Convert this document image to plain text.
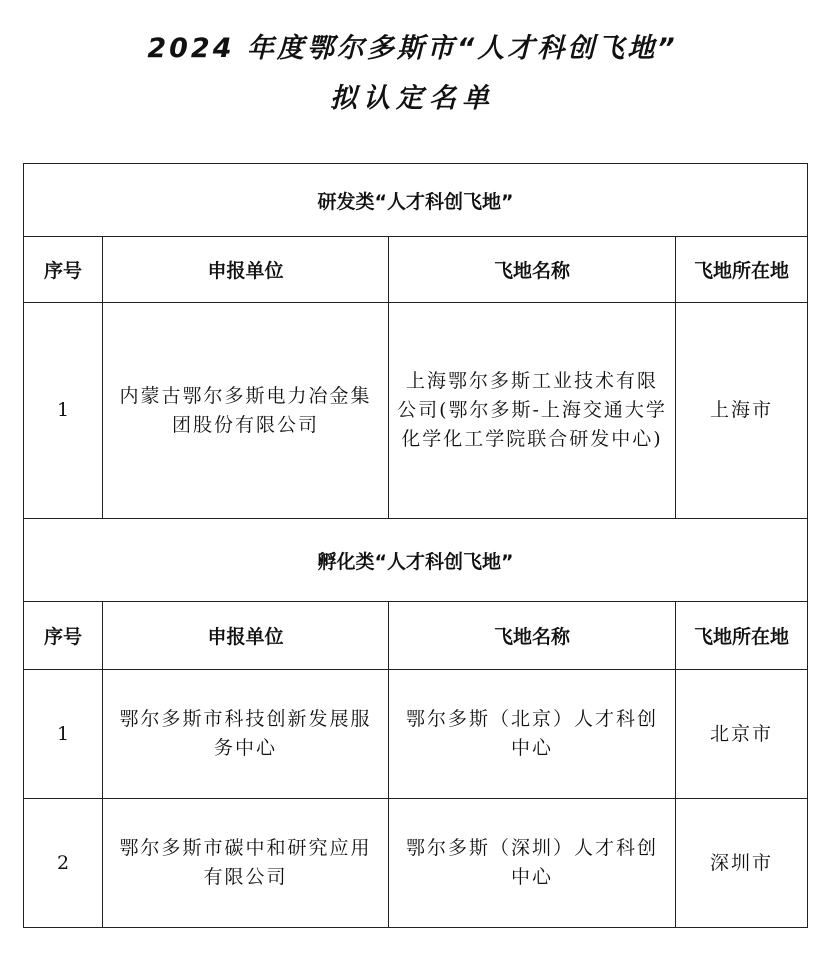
2024 年度鄂尔多斯市“人才科创飞地”
拟认定名单
研发类“人才科创飞地”			
序号	申报单位	飞地名称	飞地所在地
1	内蒙古鄂尔多斯电力冶金集团股份有限公司	上海鄂尔多斯工业技术有限公司(鄂尔多斯-上海交通大学化学化工学院联合研发中心)	上海市
孵化类“人才科创飞地”			
序号	申报单位	飞地名称	飞地所在地
1	鄂尔多斯市科技创新发展服务中心	鄂尔多斯（北京）人才科创中心	北京市
2	鄂尔多斯市碳中和研究应用有限公司	鄂尔多斯（深圳）人才科创中心	深圳市
